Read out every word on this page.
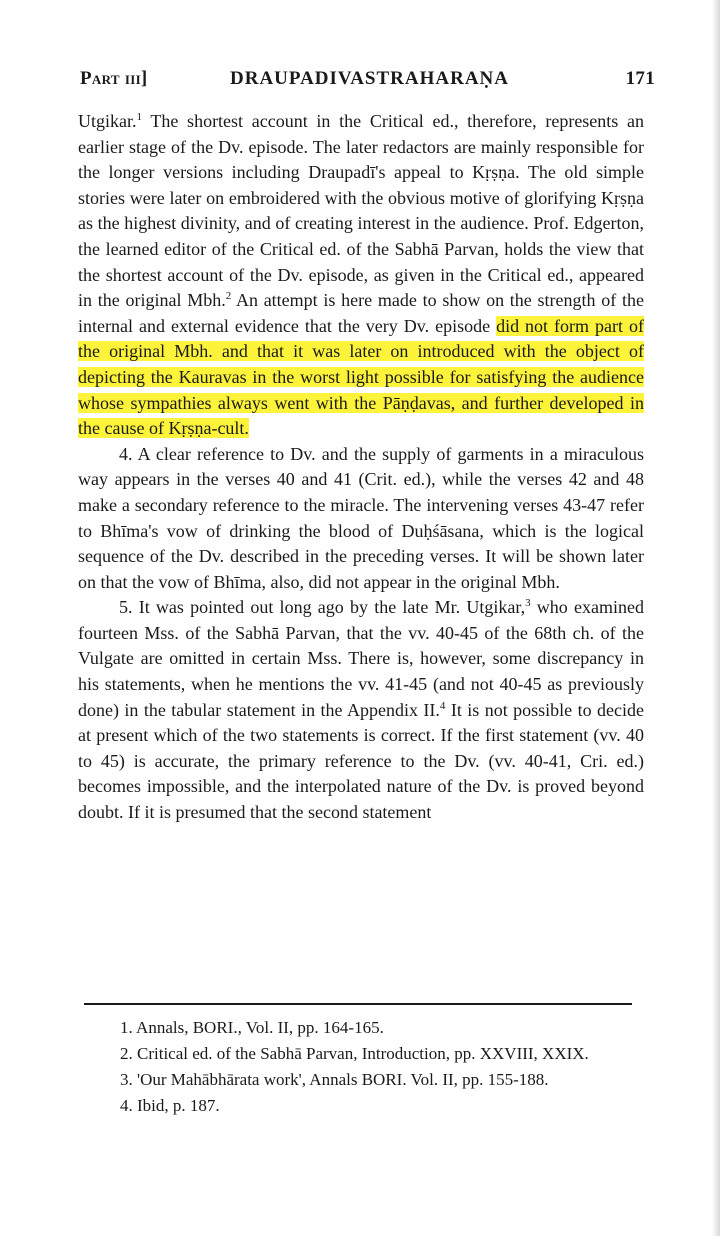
Part iii]	DRAUPADIVASTRAHARAṆA	171

Utgikar.$^1$ The shortest account in the Critical ed., therefore, represents an earlier stage of the Dv. episode. The later redactors are mainly responsible for the longer versions including Draupadī's appeal to Kṛṣṇa. The old simple stories were later on embroidered with the obvious motive of glorifying Kṛṣṇa as the highest divinity, and of creating interest in the audience. Prof. Edgerton, the learned editor of the Critical ed. of the Sabhā Parvan, holds the view that the shortest account of the Dv. episode, as given in the Critical ed., appeared in the original Mbh.$^2$ An attempt is here made to show on the strength of the internal and external evidence that the very Dv. episode did not form part of the original Mbh. and that it was later on introduced with the object of depicting the Kauravas in the worst light possible for satisfying the audience whose sympathies always went with the Pāṇḍavas, and further developed in the cause of Kṛṣṇa-cult.

4. A clear reference to Dv. and the supply of garments in a miraculous way appears in the verses 40 and 41 (Crit. ed.), while the verses 42 and 48 make a secondary reference to the miracle. The intervening verses 43-47 refer to Bhīma's vow of drinking the blood of Duḥśāsana, which is the logical sequence of the Dv. described in the preceding verses. It will be shown later on that the vow of Bhīma, also, did not appear in the original Mbh.

5. It was pointed out long ago by the late Mr. Utgikar,$^3$ who examined fourteen Mss. of the Sabhā Parvan, that the vv. 40-45 of the 68th ch. of the Vulgate are omitted in certain Mss. There is, however, some discrepancy in his statements, when he mentions the vv. 41-45 (and not 40-45 as previously done) in the tabular statement in the Appendix II.$^4$ It is not possible to decide at present which of the two statements is correct. If the first statement (vv. 40 to 45) is accurate, the primary reference to the Dv. (vv. 40-41, Cri. ed.) becomes impossible, and the interpolated nature of the Dv. is proved beyond doubt. If it is presumed that the second statement

1. Annals, BORI., Vol. II, pp. 164-165.

2. Critical ed. of the Sabhā Parvan, Introduction, pp. XXVIII, XXIX.

3. 'Our Mahābhārata work', Annals BORI. Vol. II, pp. 155-188.

4. Ibid, p. 187.
